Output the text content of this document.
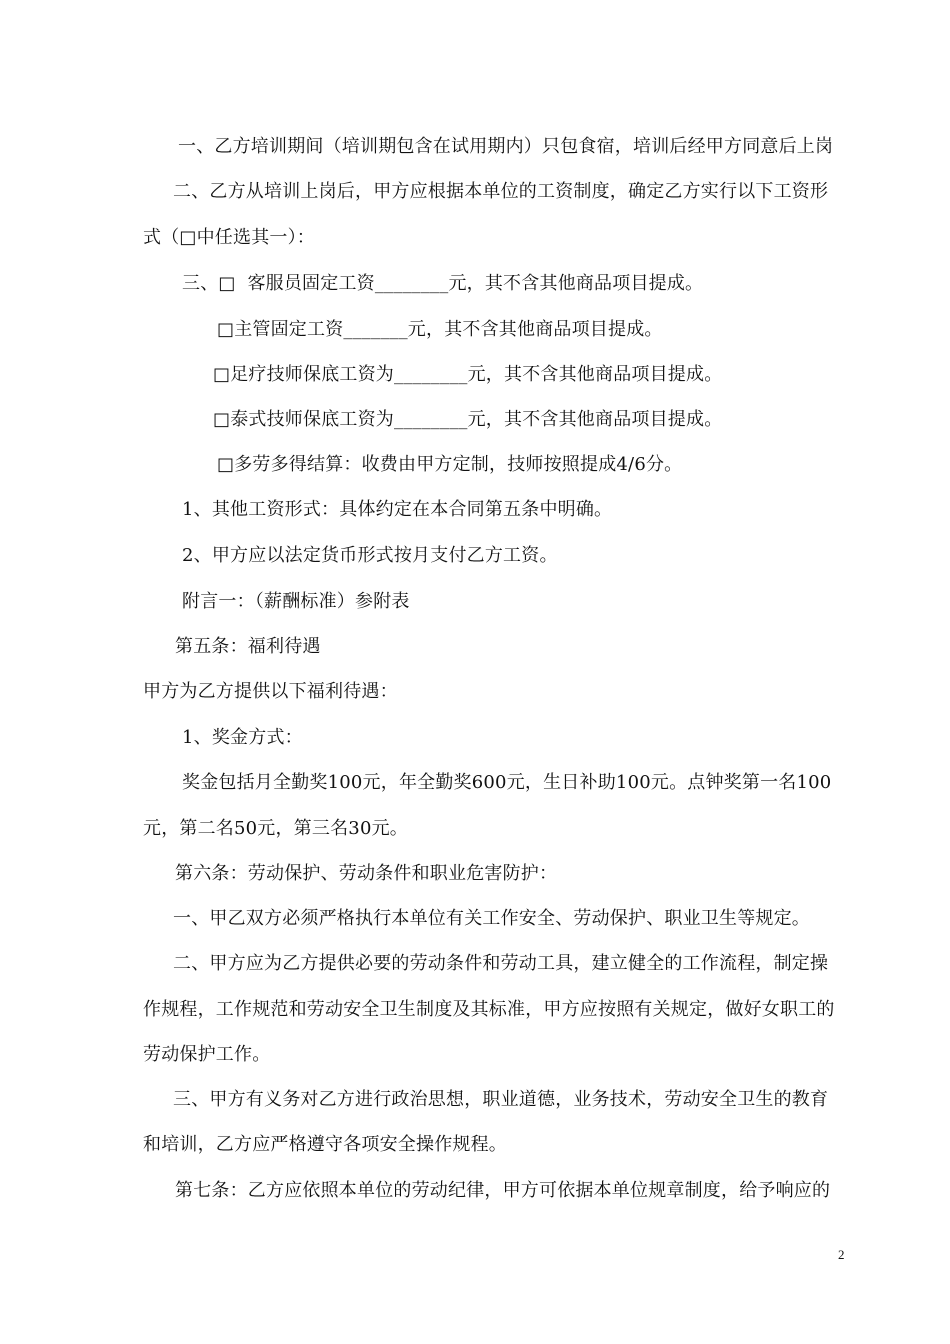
一、乙方培训期间（培训期包含在试用期内）只包食宿，培训后经甲方同意后上岗
二、乙方从培训上岗后，甲方应根据本单位的工资制度，确定乙方实行以下工资形
式（□中任选其一）：
三、□  客服员固定工资________元，其不含其他商品项目提成。
□主管固定工资_______元，其不含其他商品项目提成。
□足疗技师保底工资为________元，其不含其他商品项目提成。
□泰式技师保底工资为________元，其不含其他商品项目提成。
□多劳多得结算：收费由甲方定制，技师按照提成4/6分。
1、其他工资形式：具体约定在本合同第五条中明确。
2、甲方应以法定货币形式按月支付乙方工资。
附言一：（薪酬标准）参附表
第五条：福利待遇
甲方为乙方提供以下福利待遇：
1、奖金方式：
奖金包括月全勤奖100元，年全勤奖600元，生日补助100元。点钟奖第一名100
元，第二名50元，第三名30元。
第六条：劳动保护、劳动条件和职业危害防护：
一、甲乙双方必须严格执行本单位有关工作安全、劳动保护、职业卫生等规定。
二、甲方应为乙方提供必要的劳动条件和劳动工具，建立健全的工作流程，制定操
作规程，工作规范和劳动安全卫生制度及其标准，甲方应按照有关规定，做好女职工的
劳动保护工作。
三、甲方有义务对乙方进行政治思想，职业道德，业务技术，劳动安全卫生的教育
和培训，乙方应严格遵守各项安全操作规程。
第七条：乙方应依照本单位的劳动纪律，甲方可依据本单位规章制度，给予响应的
2
